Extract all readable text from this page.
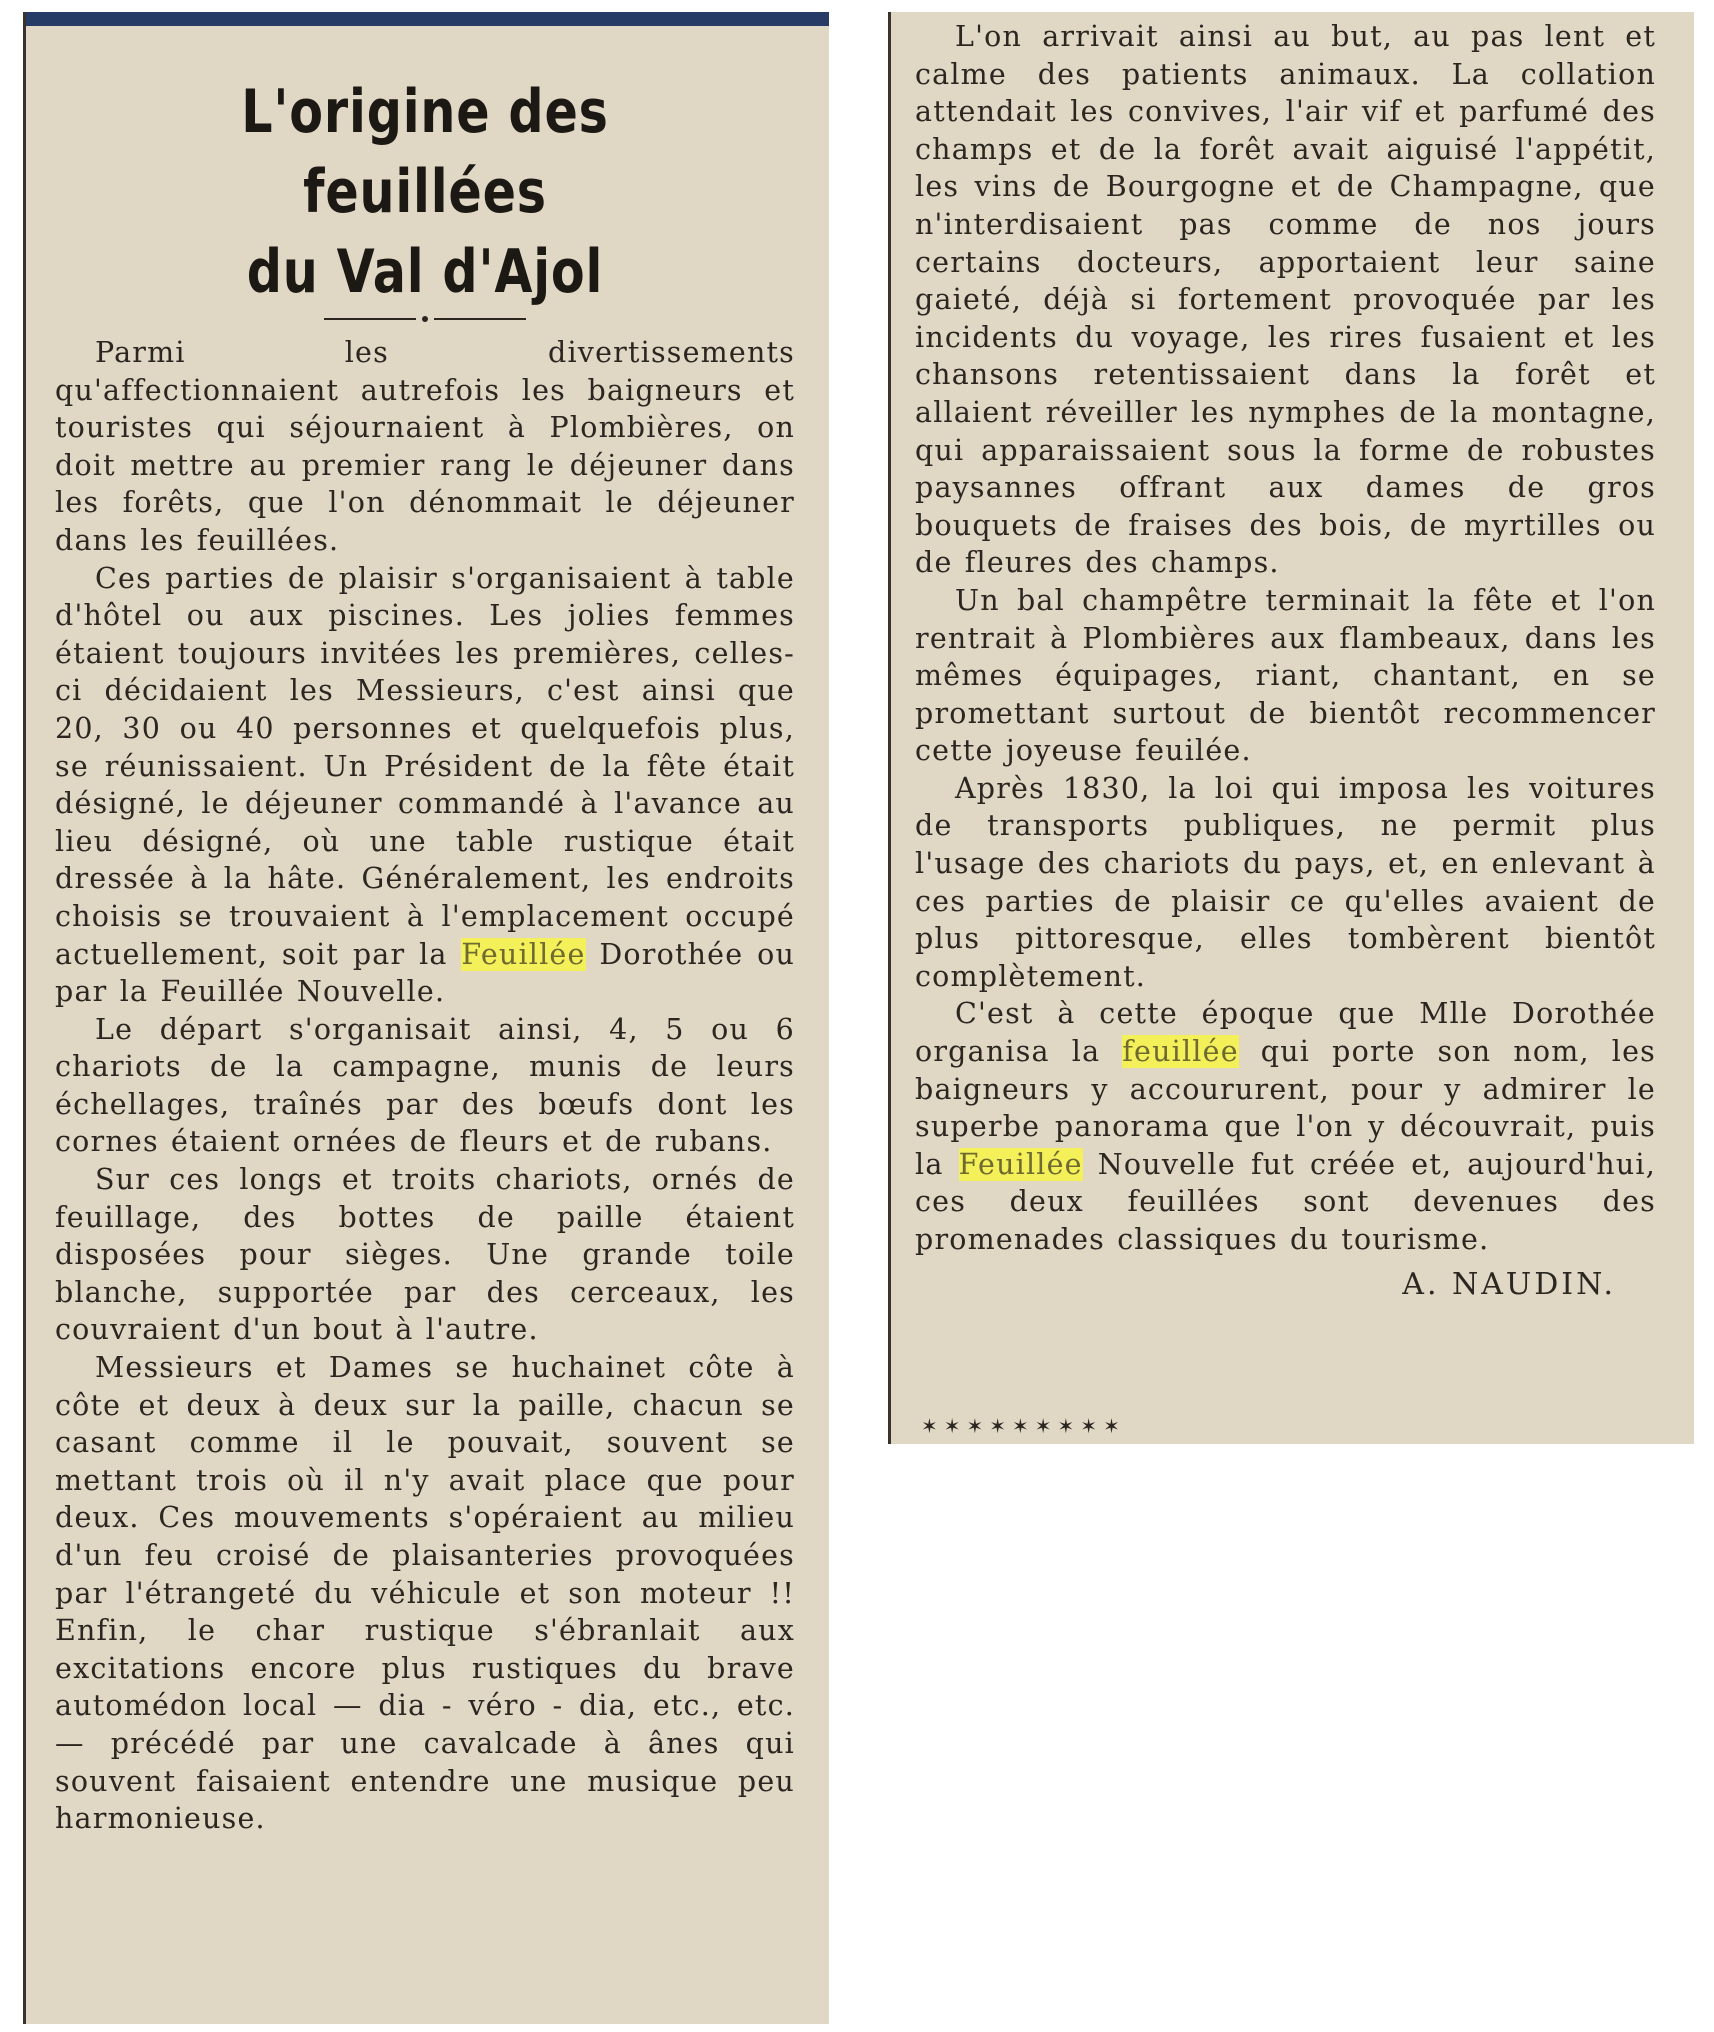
L'origine des feuillées
du Val d'Ajol

Parmi les divertissements qu'affectionnaient autrefois les baigneurs et touristes qui séjournaient à Plombières, on doit mettre au premier rang le déjeuner dans les forêts, que l'on dénommait le déjeuner dans les feuillées.

Ces parties de plaisir s'organisaient à table d'hôtel ou aux piscines. Les jolies femmes étaient toujours invitées les premières, celles-ci décidaient les Messieurs, c'est ainsi que 20, 30 ou 40 personnes et quelquefois plus, se réunissaient. Un Président de la fête était désigné, le déjeuner commandé à l'avance au lieu désigné, où une table rustique était dressée à la hâte. Généralement, les endroits choisis se trouvaient à l'emplacement occupé actuellement, soit par la Feuillée Dorothée ou par la Feuillée Nouvelle.

Le départ s'organisait ainsi, 4, 5 ou 6 chariots de la campagne, munis de leurs échellages, traînés par des bœufs dont les cornes étaient ornées de fleurs et de rubans.

Sur ces longs et troits chariots, ornés de feuillage, des bottes de paille étaient disposées pour sièges. Une grande toile blanche, supportée par des cerceaux, les couvraient d'un bout à l'autre.

Messieurs et Dames se huchainet côte à côte et deux à deux sur la paille, chacun se casant comme il le pouvait, souvent se mettant trois où il n'y avait place que pour deux. Ces mouvements s'opéraient au milieu d'un feu croisé de plaisanteries provoquées par l'étrangeté du véhicule et son moteur !! Enfin, le char rustique s'ébranlait aux excitations encore plus rustiques du brave automédon local — dia - véro - dia, etc., etc. — précédé par une cavalcade à ânes qui souvent faisaient entendre une musique peu harmonieuse.

L'on arrivait ainsi au but, au pas lent et calme des patients animaux. La collation attendait les convives, l'air vif et parfumé des champs et de la forêt avait aiguisé l'appétit, les vins de Bourgogne et de Champagne, que n'interdisaient pas comme de nos jours certains docteurs, apportaient leur saine gaieté, déjà si fortement provoquée par les incidents du voyage, les rires fusaient et les chansons retentissaient dans la forêt et allaient réveiller les nymphes de la montagne, qui apparaissaient sous la forme de robustes paysannes offrant aux dames de gros bouquets de fraises des bois, de myrtilles ou de fleures des champs.

Un bal champêtre terminait la fête et l'on rentrait à Plombières aux flambeaux, dans les mêmes équipages, riant, chantant, en se promettant surtout de bientôt recommencer cette joyeuse feuilée.

Après 1830, la loi qui imposa les voitures de transports publiques, ne permit plus l'usage des chariots du pays, et, en enlevant à ces parties de plaisir ce qu'elles avaient de plus pittoresque, elles tombèrent bientôt complètement.

C'est à cette époque que Mlle Dorothée organisa la feuillée qui porte son nom, les baigneurs y accoururent, pour y admirer le superbe panorama que l'on y découvrait, puis la Feuillée Nouvelle fut créée et, aujourd'hui, ces deux feuillées sont devenues des promenades classiques du tourisme.

A. NAUDIN.
✶✶✶✶✶✶✶✶✶
